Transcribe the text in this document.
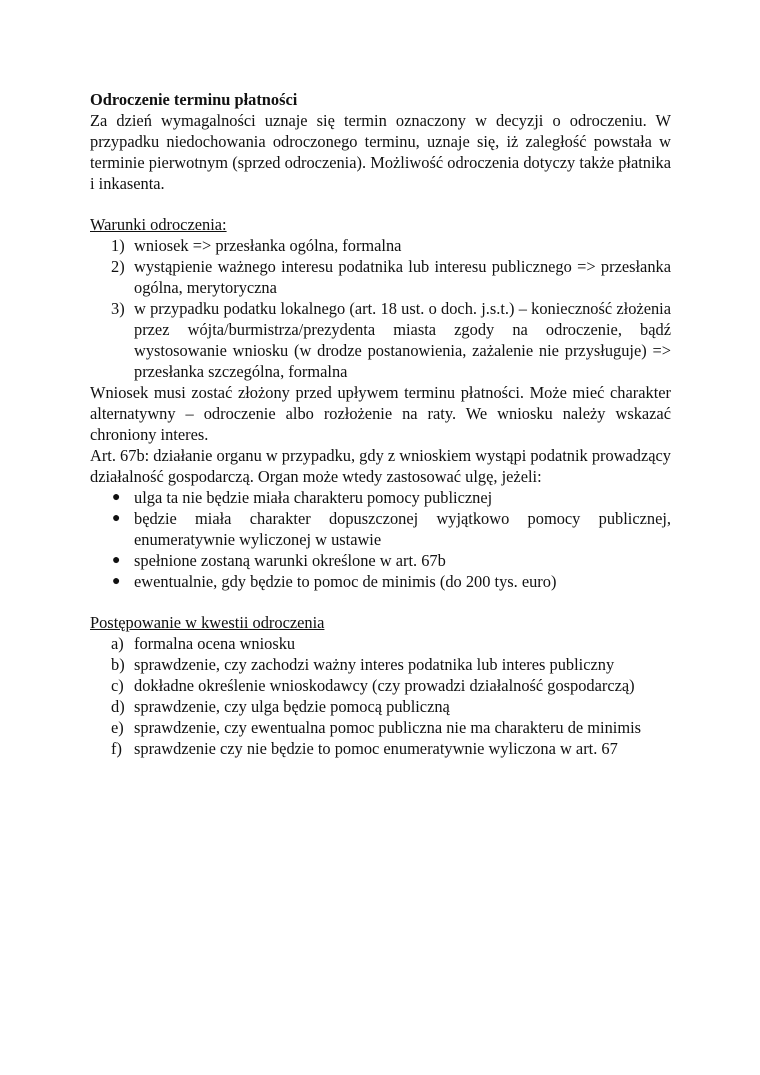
Odroczenie terminu płatności

Za dzień wymagalności uznaje się termin oznaczony w decyzji o odroczeniu. W przypadku niedochowania odroczonego terminu, uznaje się, iż zaległość powstała w terminie pierwotnym (sprzed odroczenia). Możliwość odroczenia dotyczy także płatnika i inkasenta.

Warunki odroczenia:

1) wniosek => przesłanka ogólna, formalna
2) wystąpienie ważnego interesu podatnika lub interesu publicznego => przesłanka ogólna, merytoryczna
3) w przypadku podatku lokalnego (art. 18 ust. o doch. j.s.t.) – konieczność złożenia przez wójta/burmistrza/prezydenta miasta zgody na odroczenie, bądź wystosowanie wniosku (w drodze postanowienia, zażalenie nie przysługuje) => przesłanka szczególna, formalna

Wniosek musi zostać złożony przed upływem terminu płatności. Może mieć charakter alternatywny – odroczenie albo rozłożenie na raty. We wniosku należy wskazać chroniony interes.

Art. 67b: działanie organu w przypadku, gdy z wnioskiem wystąpi podatnik prowadzący działalność gospodarczą. Organ może wtedy zastosować ulgę, jeżeli:

● ulga ta nie będzie miała charakteru pomocy publicznej
● będzie miała charakter dopuszczonej wyjątkowo pomocy publicznej, enumeratywnie wyliczonej w ustawie
● spełnione zostaną warunki określone w art. 67b
● ewentualnie, gdy będzie to pomoc de minimis (do 200 tys. euro)

Postępowanie w kwestii odroczenia

a) formalna ocena wniosku
b) sprawdzenie, czy zachodzi ważny interes podatnika lub interes publiczny
c) dokładne określenie wnioskodawcy (czy prowadzi działalność gospodarczą)
d) sprawdzenie, czy ulga będzie pomocą publiczną
e) sprawdzenie, czy ewentualna pomoc publiczna nie ma charakteru de minimis
f) sprawdzenie czy nie będzie to pomoc enumeratywnie wyliczona w art. 67
